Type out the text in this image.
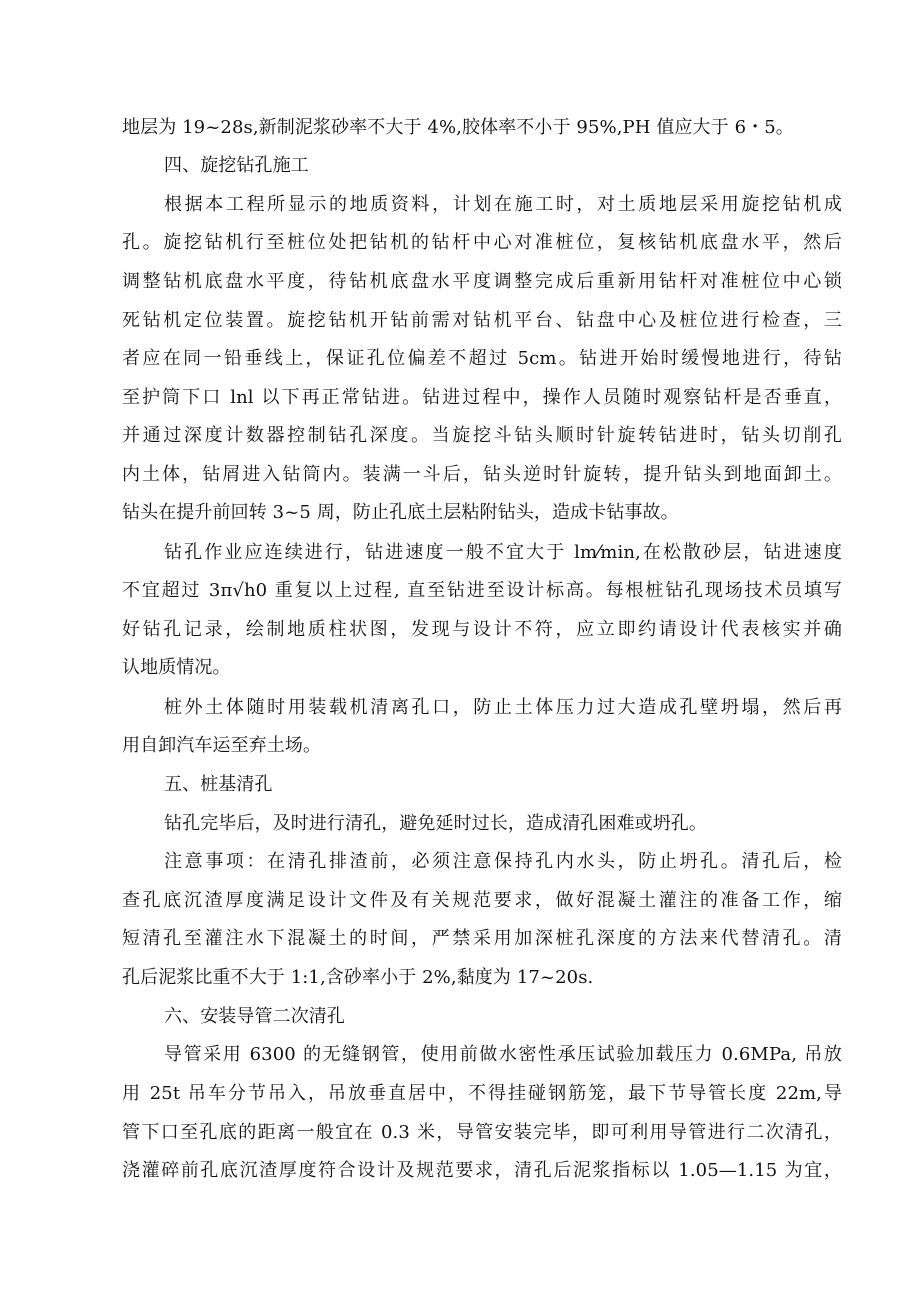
地层为 19~28s,新制泥浆砂率不大于 4%,胶体率不小于 95%,PH 值应大于 6・5。
四、旋挖钻孔施工
根据本工程所显示的地质资料，计划在施工时，对土质地层采用旋挖钻机成
孔。旋挖钻机行至桩位处把钻机的钻杆中心对准桩位，复核钻机底盘水平，然后
调整钻机底盘水平度，待钻机底盘水平度调整完成后重新用钻杆对准桩位中心锁
死钻机定位装置。旋挖钻机开钻前需对钻机平台、钻盘中心及桩位进行检查，三
者应在同一铅垂线上，保证孔位偏差不超过 5cm。钻进开始时缓慢地进行，待钻
至护筒下口 lnl 以下再正常钻进。钻进过程中，操作人员随时观察钻杆是否垂直，
并通过深度计数器控制钻孔深度。当旋挖斗钻头顺时针旋转钻进时，钻头切削孔
内土体，钻屑进入钻筒内。装满一斗后，钻头逆时针旋转，提升钻头到地面卸土。
钻头在提升前回转 3~5 周，防止孔底土层粘附钻头，造成卡钻事故。
钻孔作业应连续进行，钻进速度一般不宜大于 lm⁄min,在松散砂层，钻进速度
不宜超过 3π√h0 重复以上过程, 直至钻进至设计标高。每根桩钻孔现场技术员填写
好钻孔记录，绘制地质柱状图，发现与设计不符，应立即约请设计代表核实并确
认地质情况。
桩外土体随时用装载机清离孔口，防止土体压力过大造成孔壁坍塌，然后再
用自卸汽车运至弃土场。
五、桩基清孔
钻孔完毕后，及时进行清孔，避免延时过长，造成清孔困难或坍孔。
注意事项：在清孔排渣前，必须注意保持孔内水头，防止坍孔。清孔后，检
查孔底沉渣厚度满足设计文件及有关规范要求，做好混凝土灌注的准备工作，缩
短清孔至灌注水下混凝土的时间，严禁采用加深桩孔深度的方法来代替清孔。清
孔后泥浆比重不大于 1:1,含砂率小于 2%,黏度为 17~20s.
六、安装导管二次清孔
导管采用 6300 的无缝钢管，使用前做水密性承压试验加载压力 0.6MPa, 吊放
用 25t 吊车分节吊入，吊放垂直居中，不得挂碰钢筋笼，最下节导管长度 22m,导
管下口至孔底的距离一般宜在 0.3 米，导管安装完毕，即可利用导管进行二次清孔，
浇灌碎前孔底沉渣厚度符合设计及规范要求，清孔后泥浆指标以 1.05—1.15 为宜，
